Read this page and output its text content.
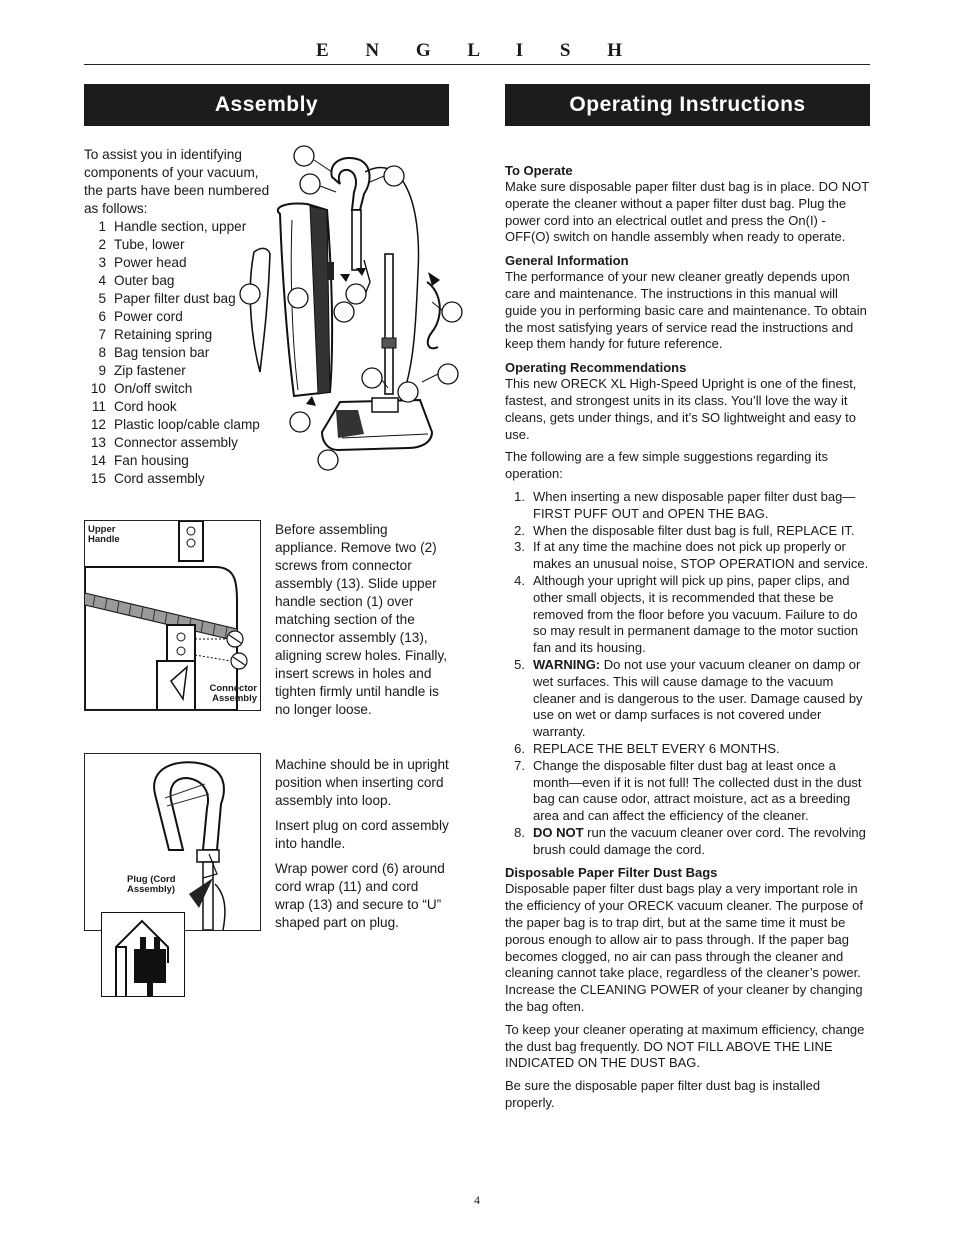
E N G L I S H
Assembly	Operating Instructions
To assist you in identifying components of your vacuum, the parts have been numbered as follows:
1 Handle section, upper
2 Tube, lower
3 Power head
4 Outer bag
5 Paper filter dust bag
6 Power cord
7 Retaining spring
8 Bag tension bar
9 Zip fastener
10 On/off switch
11 Cord hook
12 Plastic loop/cable clamp
13 Connector assembly
14 Fan housing
15 Cord assembly
Upper Handle
Connector Assembly
Before assembling appliance. Remove two (2) screws from connector assembly (13). Slide upper handle section (1) over matching section of the connector assembly (13), aligning screw holes. Finally, insert screws in holes and tighten firmly until handle is no longer loose.
Plug (Cord Assembly)

Machine should be in upright position when inserting cord assembly into loop.

Insert plug on cord assembly into handle.

Wrap power cord (6) around cord wrap (11) and cord wrap (13) and secure to “U” shaped part on plug.

To Operate

Make sure disposable paper filter dust bag is in place. DO NOT operate the cleaner without a paper filter dust bag. Plug the power cord into an electrical outlet and press the On(I) - OFF(O) switch on handle assembly when ready to operate.

General Information

The performance of your new cleaner greatly depends upon care and maintenance. The instructions in this manual will guide you in performing basic care and maintenance. To obtain the most satisfying years of service read the instructions and keep them handy for future reference.

Operating Recommendations

This new ORECK XL High-Speed Upright is one of the finest, fastest, and strongest units in its class. You’ll love the way it cleans, gets under things, and it’s SO lightweight and easy to use.

The following are a few simple suggestions regarding its operation:

1. When inserting a new disposable paper filter dust bag—FIRST PUFF OUT and OPEN THE BAG.
2. When the disposable filter dust bag is full, REPLACE IT.
3. If at any time the machine does not pick up properly or makes an unusual noise, STOP OPERATION and service.
4. Although your upright will pick up pins, paper clips, and other small objects, it is recommended that these be removed from the floor before you vacuum. Failure to do so may result in permanent damage to the motor suction fan and its housing.
5. WARNING: Do not use your vacuum cleaner on damp or wet surfaces. This will cause damage to the vacuum cleaner and is dangerous to the user. Damage caused by use on wet or damp surfaces is not covered under warranty.
6. REPLACE THE BELT EVERY 6 MONTHS.
7. Change the disposable filter dust bag at least once a month—even if it is not full! The collected dust in the dust bag can cause odor, attract moisture, act as a breeding area and can affect the efficiency of the cleaner.
8. DO NOT run the vacuum cleaner over cord. The revolving brush could damage the cord.
Disposable Paper Filter Dust Bags

Disposable paper filter dust bags play a very important role in the efficiency of your ORECK vacuum cleaner. The purpose of the paper bag is to trap dirt, but at the same time it must be porous enough to allow air to pass through. If the paper bag becomes clogged, no air can pass through the cleaner and cleaning cannot take place, regardless of the cleaner’s power. Increase the CLEANING POWER of your cleaner by changing the bag often.

To keep your cleaner operating at maximum efficiency, change the dust bag frequently. DO NOT FILL ABOVE THE LINE INDICATED ON THE DUST BAG.

Be sure the disposable paper filter dust bag is installed properly.

4
